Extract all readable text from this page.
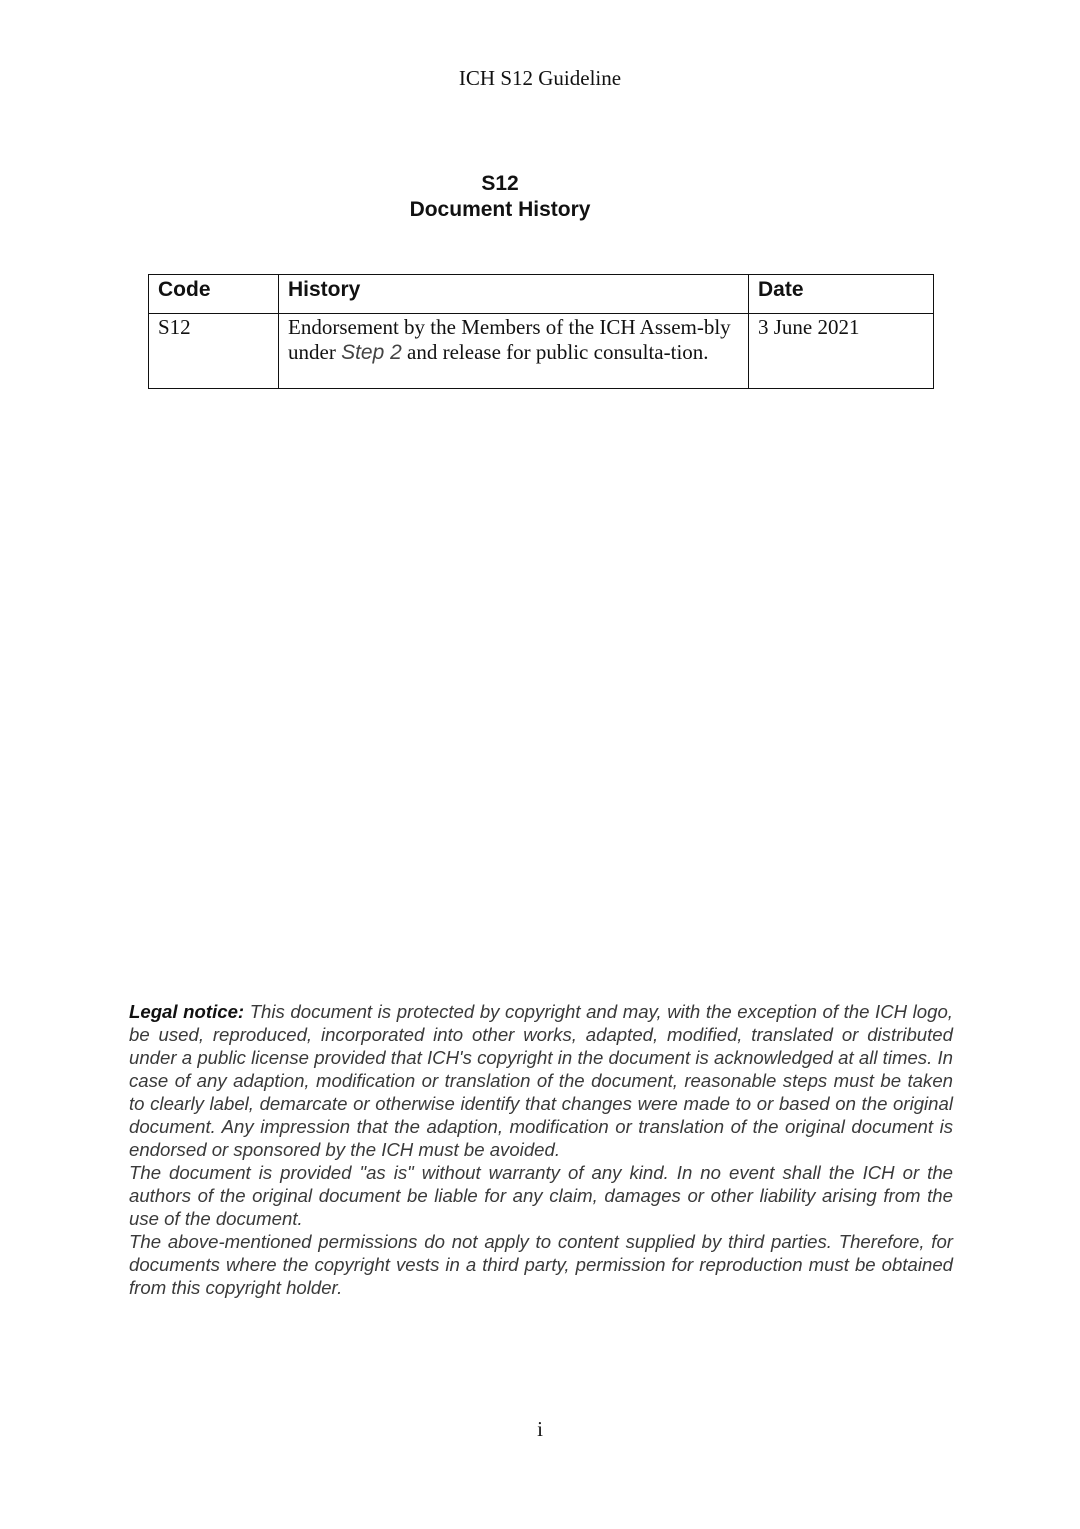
ICH S12 Guideline
S12
Document History
Code	History	Date
S12	Endorsement by the Members of the ICH Assem-bly under Step 2 and release for public consulta-tion.	3 June 2021

Legal notice: This document is protected by copyright and may, with the exception of the ICH logo, be used, reproduced, incorporated into other works, adapted, modified, translated or distributed under a public license provided that ICH's copyright in the document is acknowledged at all times. In case of any adaption, modification or translation of the document, reasonable steps must be taken to clearly label, demarcate or otherwise identify that changes were made to or based on the original document. Any impression that the adaption, modification or translation of the original document is endorsed or sponsored by the ICH must be avoided.

The document is provided "as is" without warranty of any kind. In no event shall the ICH or the authors of the original document be liable for any claim, damages or other liability arising from the use of the document.

The above-mentioned permissions do not apply to content supplied by third parties. Therefore, for documents where the copyright vests in a third party, permission for reproduction must be obtained from this copyright holder.

i
